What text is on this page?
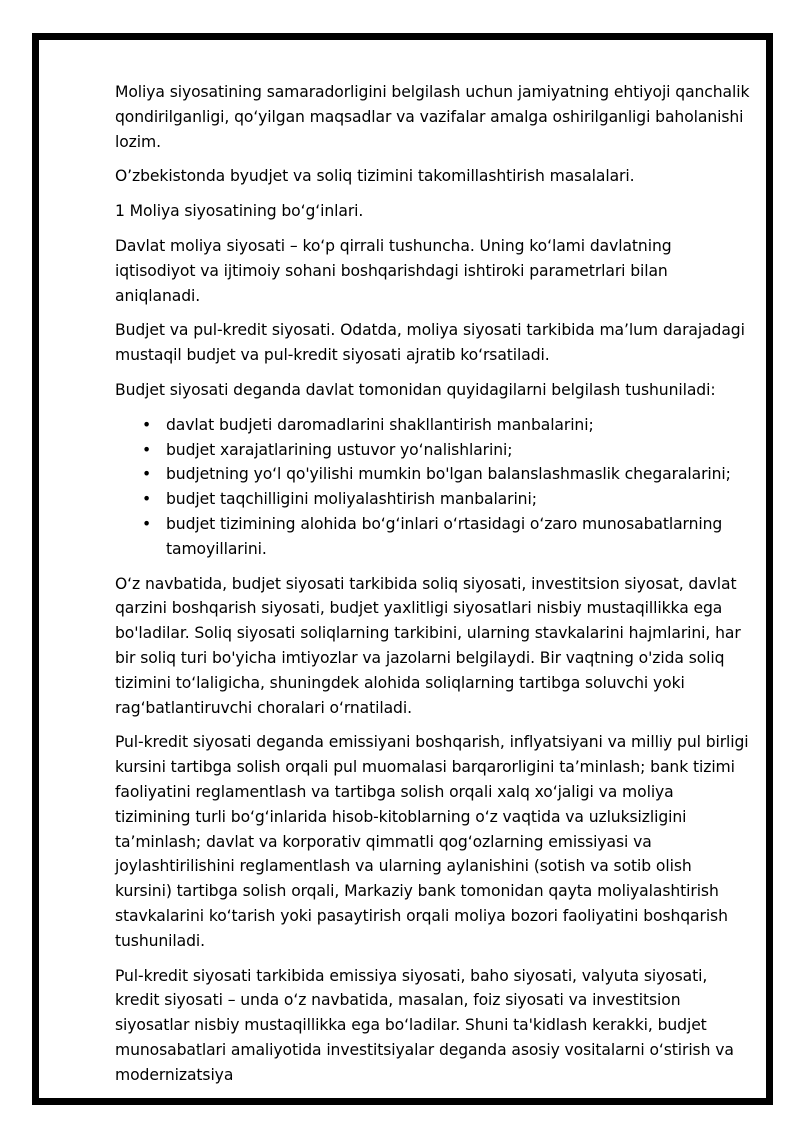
Moliya siyosatining samaradorligini belgilash uchun jamiyatning ehtiyoji qanchalik qondirilganligi, qo‘yilgan maqsadlar va vazifalar amalga oshirilganligi baholanishi lozim.

O’zbekistonda byudjet va soliq tizimini takomillashtirish masalalari.

1 Moliya siyosatining bo‘g‘inlari.

Davlat moliya siyosati – ko‘p qirrali tushuncha. Uning ko‘lami davlatning iqtisodiyot va ijtimoiy sohani boshqarishdagi ishtiroki parametrlari bilan aniqlanadi.

Budjet va pul-kredit siyosati. Odatda, moliya siyosati tarkibida ma’lum darajadagi mustaqil budjet va pul-kredit siyosati ajratib ko‘rsatiladi.

Budjet siyosati deganda davlat tomonidan quyidagilarni belgilash tushuniladi:

• davlat budjeti daromadlarini shakllantirish manbalarini;
• budjet xarajatlarining ustuvor yo‘nalishlarini;
• budjetning yo‘l qo'yilishi mumkin bo'lgan balanslashmaslik chegaralarini;
• budjet taqchilligini moliyalashtirish manbalarini;
• budjet tizimining alohida bo‘g‘inlari o‘rtasidagi o‘zaro munosabatlarning tamoyillarini.

O‘z navbatida, budjet siyosati tarkibida soliq siyosati, investitsion siyosat, davlat qarzini boshqarish siyosati, budjet yaxlitligi siyosatlari nisbiy mustaqillikka ega bo'ladilar. Soliq siyosati soliqlarning tarkibini, ularning stavkalarini hajmlarini, har bir soliq turi bo'yicha imtiyozlar va jazolarni belgilaydi. Bir vaqtning o'zida soliq tizimini to‘laligicha, shuningdek alohida soliqlarning tartibga soluvchi yoki rag‘batlantiruvchi choralari o‘rnatiladi.

Pul-kredit siyosati deganda emissiyani boshqarish, inflyatsiyani va milliy pul birligi kursini tartibga solish orqali pul muomalasi barqarorligini ta’minlash; bank tizimi faoliyatini reglamentlash va tartibga solish orqali xalq xo‘jaligi va moliya tizimining turli bo‘g‘inlarida hisob-kitoblarning o‘z vaqtida va uzluksizligini ta’minlash; davlat va korporativ qimmatli qog‘ozlarning emissiyasi va joylashtirilishini reglamentlash va ularning aylanishini (sotish va sotib olish kursini) tartibga solish orqali, Markaziy bank tomonidan qayta moliyalashtirish stavkalarini ko‘tarish yoki pasaytirish orqali moliya bozori faoliyatini boshqarish tushuniladi.

Pul-kredit siyosati tarkibida emissiya siyosati, baho siyosati, valyuta siyosati, kredit siyosati – unda o‘z navbatida, masalan, foiz siyosati va investitsion siyosatlar nisbiy mustaqillikka ega bo‘ladilar. Shuni ta'kidlash kerakki, budjet munosabatlari amaliyotida investitsiyalar deganda asosiy vositalarni o‘stirish va modernizatsiya
